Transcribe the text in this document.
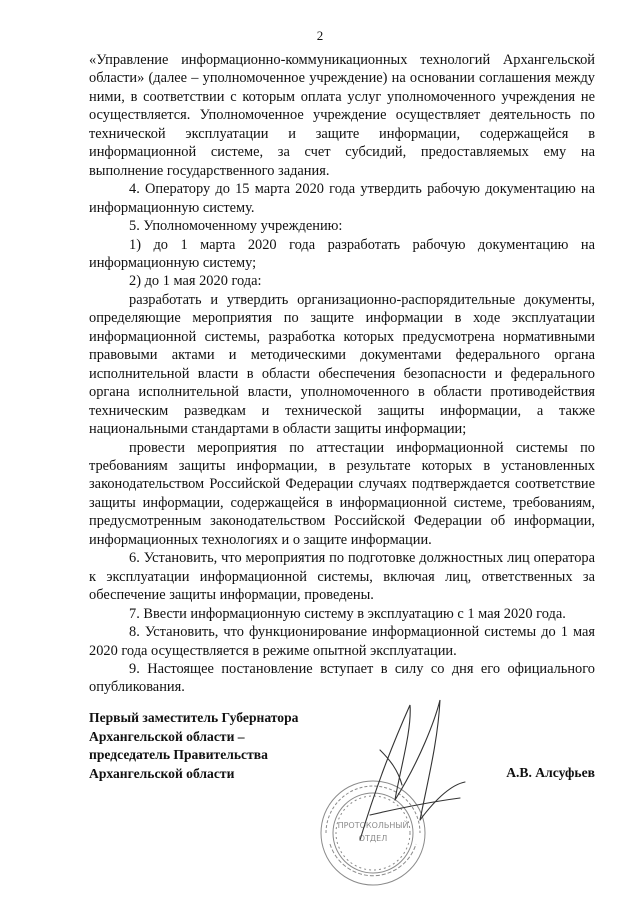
2

«Управление информационно-коммуникационных технологий Архангельской области» (далее – уполномоченное учреждение) на основании соглашения между ними, в соответствии с которым оплата услуг уполномоченного учреждения не осуществляется. Уполномоченное учреждение осуществляет деятельность по технической эксплуатации и защите информации, содержащейся в информационной системе, за счет субсидий, предоставляемых ему на выполнение государственного задания.

4. Оператору до 15 марта 2020 года утвердить рабочую документацию на информационную систему.

5. Уполномоченному учреждению:

1) до 1 марта 2020 года разработать рабочую документацию на информационную систему;

2) до 1 мая 2020 года:

разработать и утвердить организационно-распорядительные документы, определяющие мероприятия по защите информации в ходе эксплуатации информационной системы, разработка которых предусмотрена нормативными правовыми актами и методическими документами федерального органа исполнительной власти в области обеспечения безопасности и федерального органа исполнительной власти, уполномоченного в области противодействия техническим разведкам и технической защиты информации, а также национальными стандартами в области защиты информации;

провести мероприятия по аттестации информационной системы по требованиям защиты информации, в результате которых в установленных законодательством Российской Федерации случаях подтверждается соответствие защиты информации, содержащейся в информационной системе, требованиям, предусмотренным законодательством Российской Федерации об информации, информационных технологиях и о защите информации.

6. Установить, что мероприятия по подготовке должностных лиц оператора к эксплуатации информационной системы, включая лиц, ответственных за обеспечение защиты информации, проведены.

7. Ввести информационную систему в эксплуатацию с 1 мая 2020 года.

8. Установить, что функционирование информационной системы до 1 мая 2020 года осуществляется в режиме опытной эксплуатации.

9. Настоящее постановление вступает в силу со дня его официального опубликования.

Первый заместитель Губернатора
Архангельской области –
председатель Правительства
Архангельской области
ПРОТОКОЛЬНЫЙ
ОТДЕЛ
А.В. Алсуфьев
